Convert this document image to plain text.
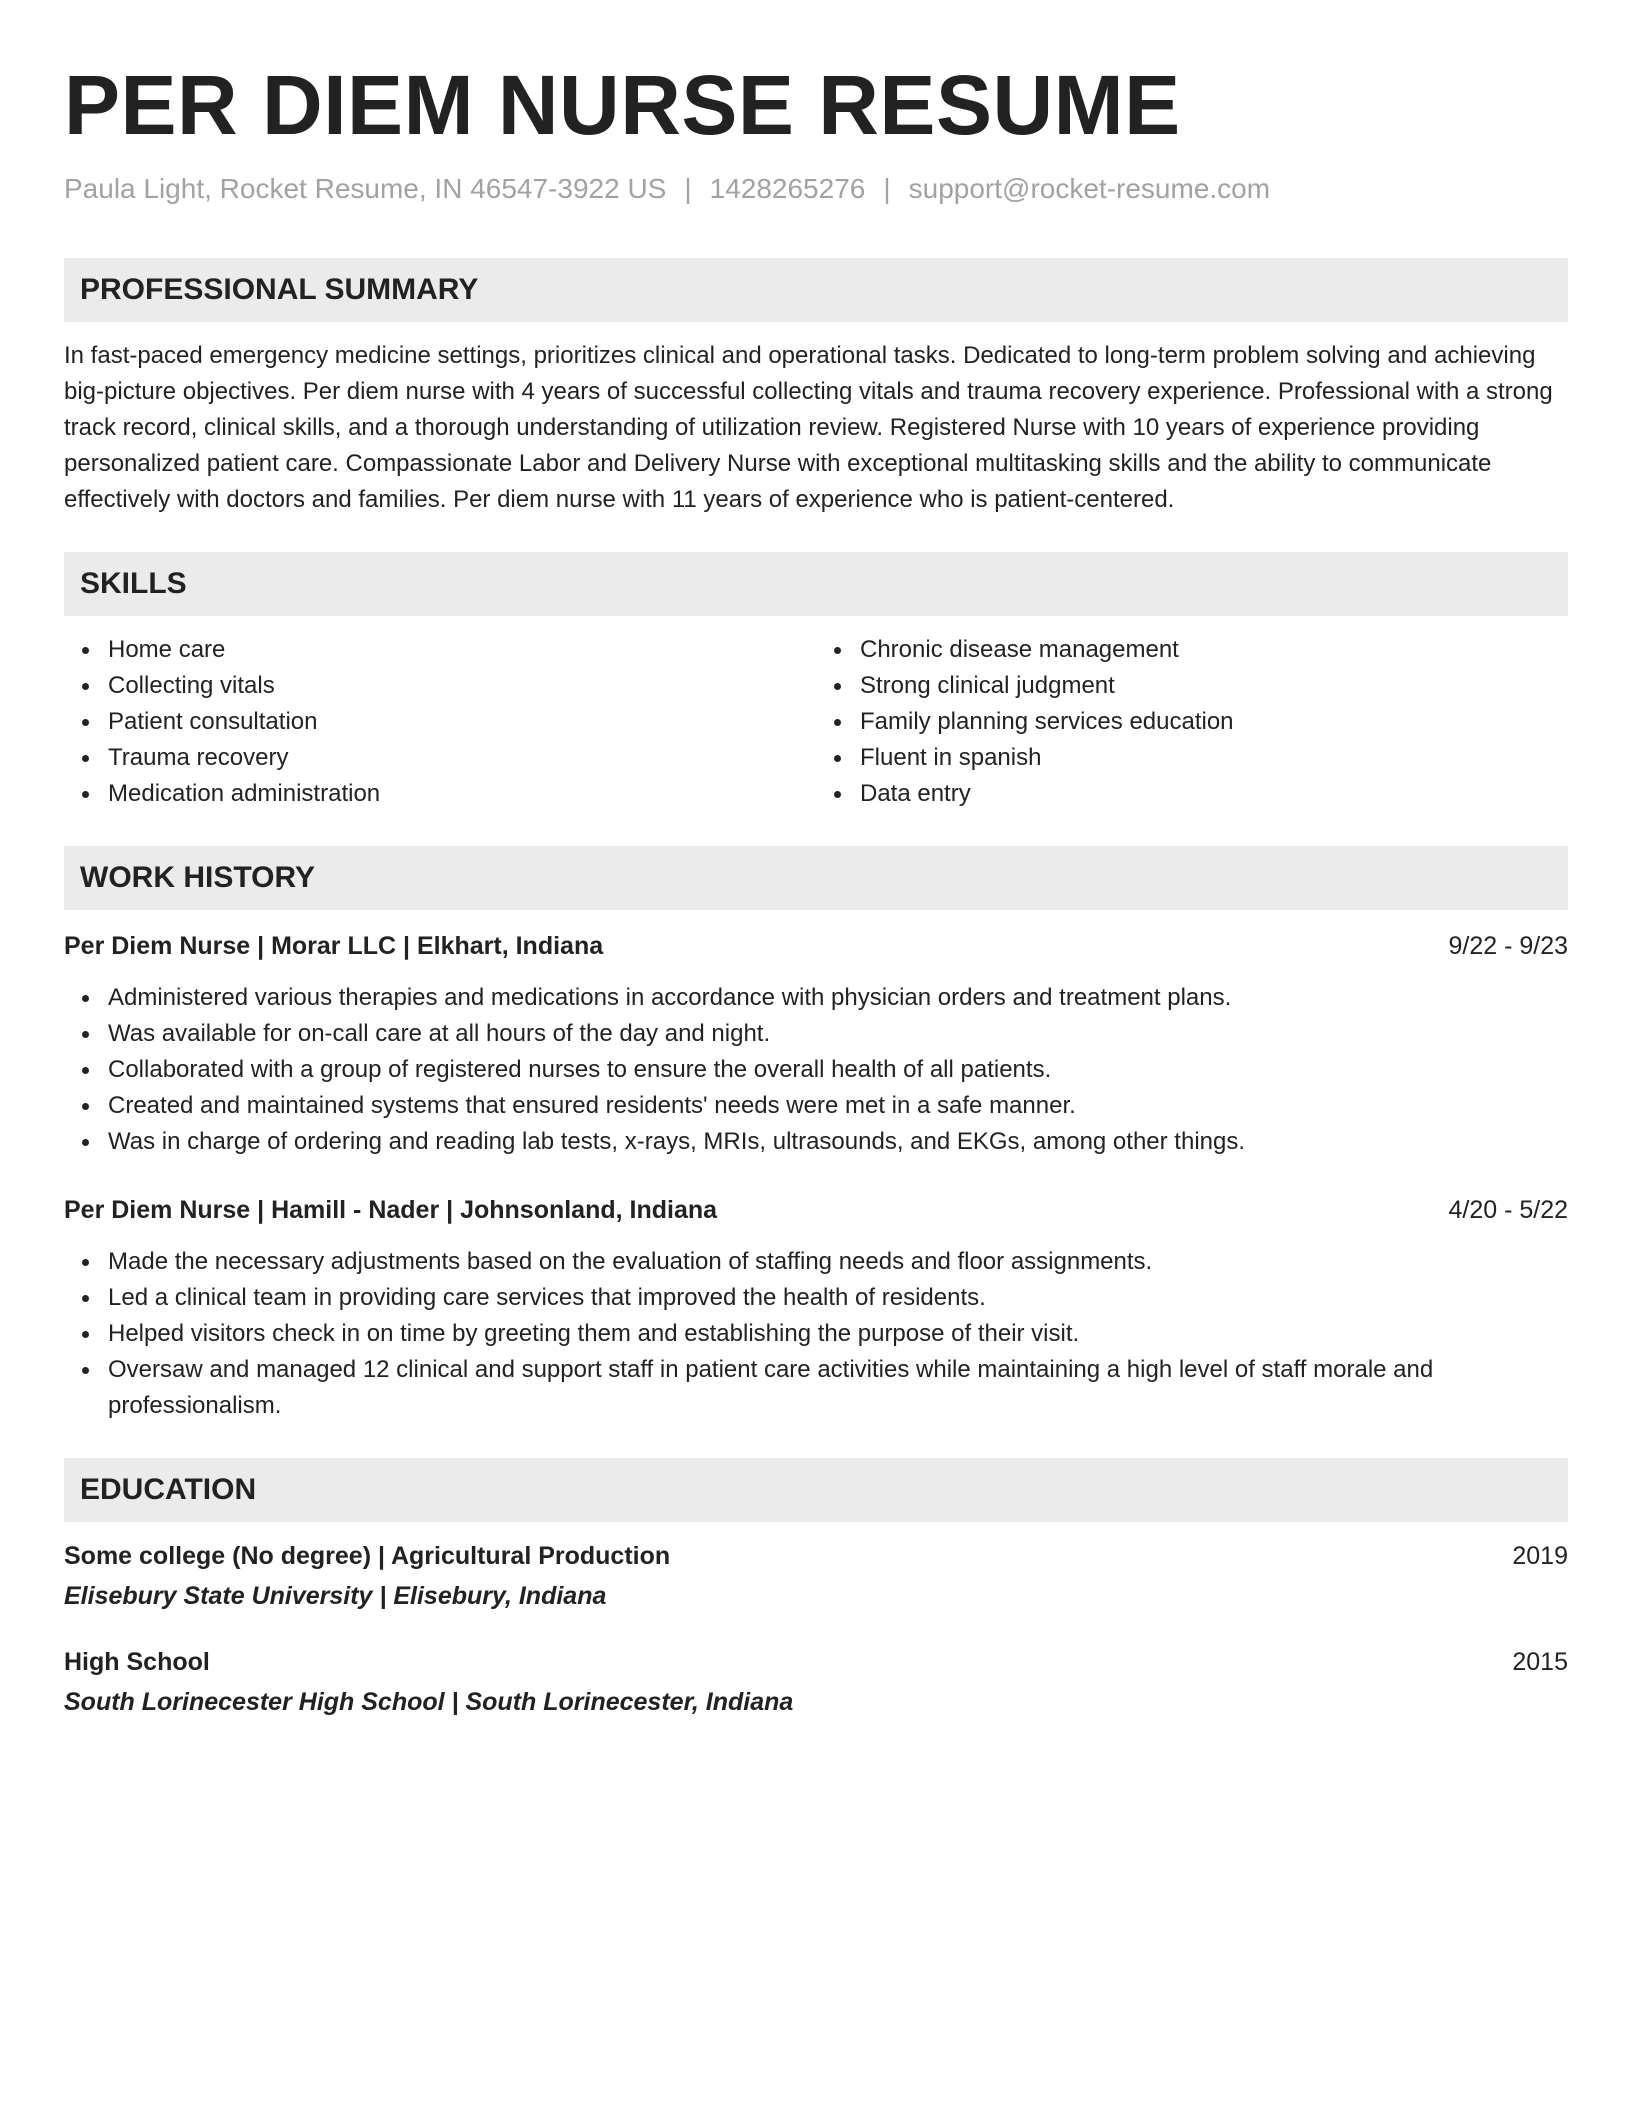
PER DIEM NURSE RESUME
Paula Light, Rocket Resume, IN 46547-3922 US | 1428265276 | support@rocket-resume.com
PROFESSIONAL SUMMARY
In fast-paced emergency medicine settings, prioritizes clinical and operational tasks. Dedicated to long-term problem solving and achieving big-picture objectives. Per diem nurse with 4 years of successful collecting vitals and trauma recovery experience. Professional with a strong track record, clinical skills, and a thorough understanding of utilization review. Registered Nurse with 10 years of experience providing personalized patient care. Compassionate Labor and Delivery Nurse with exceptional multitasking skills and the ability to communicate effectively with doctors and families. Per diem nurse with 11 years of experience who is patient-centered.
SKILLS
Home care
Collecting vitals
Patient consultation
Trauma recovery
Medication administration
Chronic disease management
Strong clinical judgment
Family planning services education
Fluent in spanish
Data entry
WORK HISTORY
Per Diem Nurse | Morar LLC | Elkhart, Indiana	9/22 - 9/23
Administered various therapies and medications in accordance with physician orders and treatment plans.
Was available for on-call care at all hours of the day and night.
Collaborated with a group of registered nurses to ensure the overall health of all patients.
Created and maintained systems that ensured residents' needs were met in a safe manner.
Was in charge of ordering and reading lab tests, x-rays, MRIs, ultrasounds, and EKGs, among other things.
Per Diem Nurse | Hamill - Nader | Johnsonland, Indiana	4/20 - 5/22
Made the necessary adjustments based on the evaluation of staffing needs and floor assignments.
Led a clinical team in providing care services that improved the health of residents.
Helped visitors check in on time by greeting them and establishing the purpose of their visit.
Oversaw and managed 12 clinical and support staff in patient care activities while maintaining a high level of staff morale and professionalism.
EDUCATION
Some college (No degree) | Agricultural Production	2019
Elisebury State University | Elisebury, Indiana
High School	2015
South Lorinecester High School | South Lorinecester, Indiana
